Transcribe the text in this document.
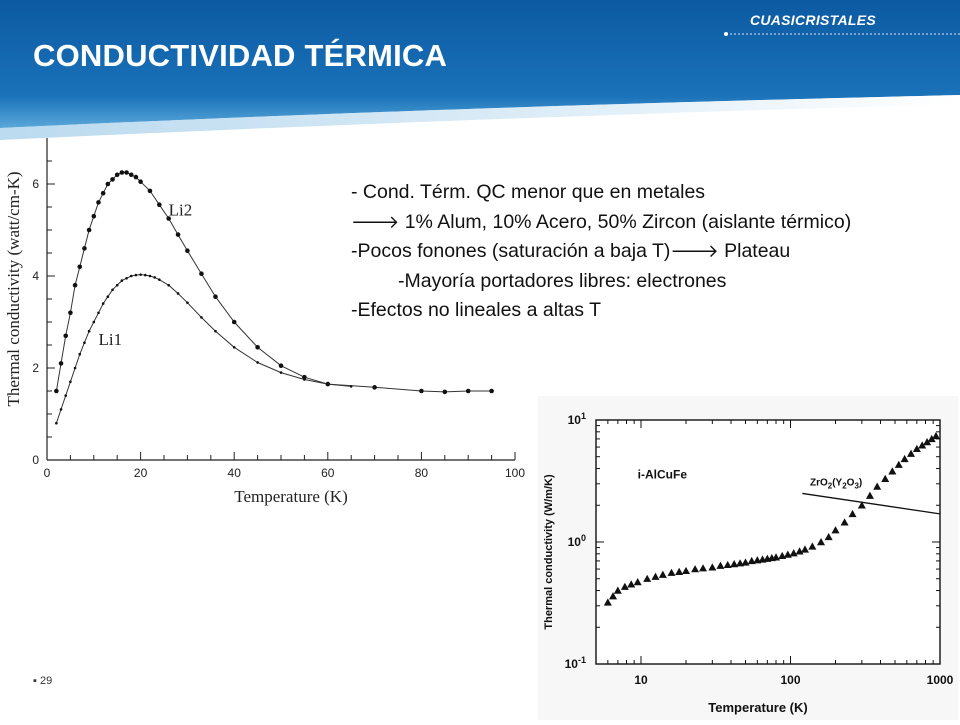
CUASICRISTALES
CONDUCTIVIDAD TÉRMICA
0	20	40	60	80	100
0
2
4
6
Temperature (K)
Thermal conductivity (watt/cm-K)	Li2
Li1
10	100	1000
$10^{-1}$
$10^0$
$10^1$
Temperature (K)
Thermal conductivity (W/m/K)	i-AlCuFe
$ZrO_2(Y_2O_3)$
- Cond. Térm. QC menor que en metales
🡒 1% Alum, 10% Acero, 50% Zircon (aislante térmico)
-Pocos fonones (saturación a baja T)🡒 Plateau
-Mayoría portadores libres: electrones
-Efectos no lineales a altas T
▪ 29
